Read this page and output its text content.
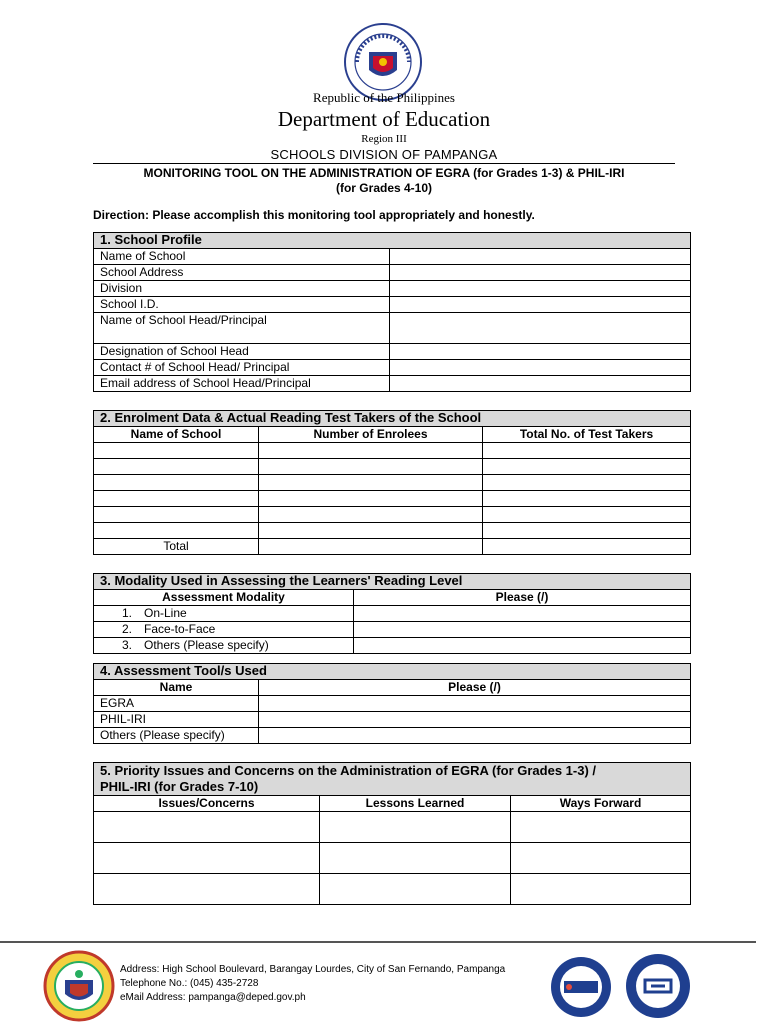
Republic of the Philippines
Department of Education
Region III
SCHOOLS DIVISION OF PAMPANGA
MONITORING TOOL ON THE ADMINISTRATION OF EGRA (for Grades 1-3) & PHIL-IRI
(for Grades 4-10)
Direction: Please accomplish this monitoring tool appropriately and honestly.
1. School Profile	
Name of School	
School Address	
Division	
School I.D.	
Name of School Head/Principal	
Designation of School Head	
Contact # of School Head/ Principal	
Email address of School Head/Principal	
2. Enrolment Data & Actual Reading Test Takers of the School		
Name of School	Number of Enrolees	Total No. of Test Takers

Total		
3. Modality Used in Assessing the Learners' Reading Level	
Assessment Modality	Please (/)
1. On-Line	
2. Face-to-Face	
3. Others (Please specify)	
4. Assessment Tool/s Used	
Name	Please (/)
EGRA	
PHIL-IRI	
Others (Please specify)	
5. Priority Issues and Concerns on the Administration of EGRA (for Grades 1-3) /
PHIL-IRI (for Grades 7-10)		

Issues/Concerns	Lessons Learned	Ways Forward

Address: High School Boulevard, Barangay Lourdes, City of San Fernando, Pampanga
Telephone No.: (045) 435-2728
eMail Address: pampanga@deped.gov.ph
